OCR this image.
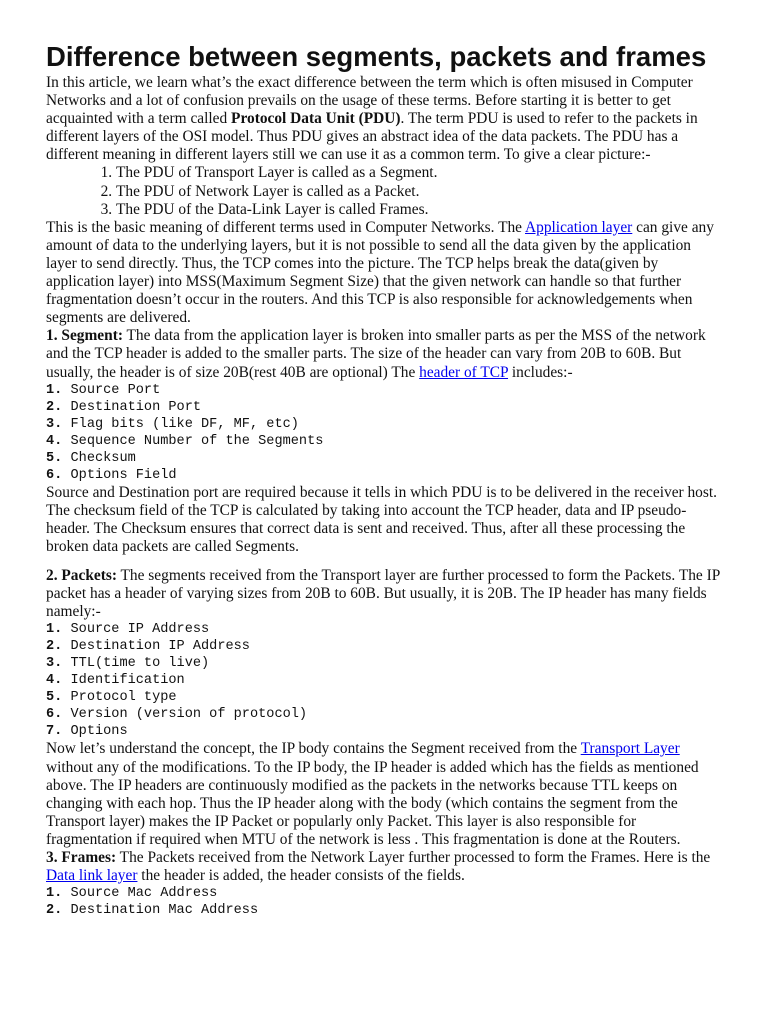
Difference between segments, packets and frames

In this article, we learn what’s the exact difference between the term which is often misused in Computer Networks and a lot of confusion prevails on the usage of these terms. Before starting it is better to get acquainted with a term called Protocol Data Unit (PDU). The term PDU is used to refer to the packets in different layers of the OSI model. Thus PDU gives an abstract idea of the data packets. The PDU has a different meaning in different layers still we can use it as a common term. To give a clear picture:-

1. The PDU of Transport Layer is called as a Segment.
2. The PDU of Network Layer is called as a Packet.
3. The PDU of the Data-Link Layer is called Frames.

This is the basic meaning of different terms used in Computer Networks. The Application layer can give any amount of data to the underlying layers, but it is not possible to send all the data given by the application layer to send directly. Thus, the TCP comes into the picture. The TCP helps break the data(given by application layer) into MSS(Maximum Segment Size) that the given network can handle so that further fragmentation doesn’t occur in the routers. And this TCP is also responsible for acknowledgements when segments are delivered.

1. Segment: The data from the application layer is broken into smaller parts as per the MSS of the network and the TCP header is added to the smaller parts. The size of the header can vary from 20B to 60B. But usually, the header is of size 20B(rest 40B are optional) The header of TCP includes:-

1. Source Port
2. Destination Port
3. Flag bits (like DF, MF, etc)
4. Sequence Number of the Segments
5. Checksum
6. Options Field

Source and Destination port are required because it tells in which PDU is to be delivered in the receiver host. The checksum field of the TCP is calculated by taking into account the TCP header, data and IP pseudo-header. The Checksum ensures that correct data is sent and received. Thus, after all these processing the broken data packets are called Segments.

2. Packets: The segments received from the Transport layer are further processed to form the Packets. The IP packet has a header of varying sizes from 20B to 60B. But usually, it is 20B. The IP header has many fields namely:-

1. Source IP Address
2. Destination IP Address
3. TTL(time to live)
4. Identification
5. Protocol type
6. Version (version of protocol)
7. Options

Now let’s understand the concept, the IP body contains the Segment received from the Transport Layer without any of the modifications. To the IP body, the IP header is added which has the fields as mentioned above. The IP headers are continuously modified as the packets in the networks because TTL keeps on changing with each hop. Thus the IP header along with the body (which contains the segment from the Transport layer) makes the IP Packet or popularly only Packet. This layer is also responsible for fragmentation if required when MTU of the network is less . This fragmentation is done at the Routers.

3. Frames: The Packets received from the Network Layer further processed to form the Frames. Here is the Data link layer the header is added, the header consists of the fields.

1. Source Mac Address
2. Destination Mac Address
